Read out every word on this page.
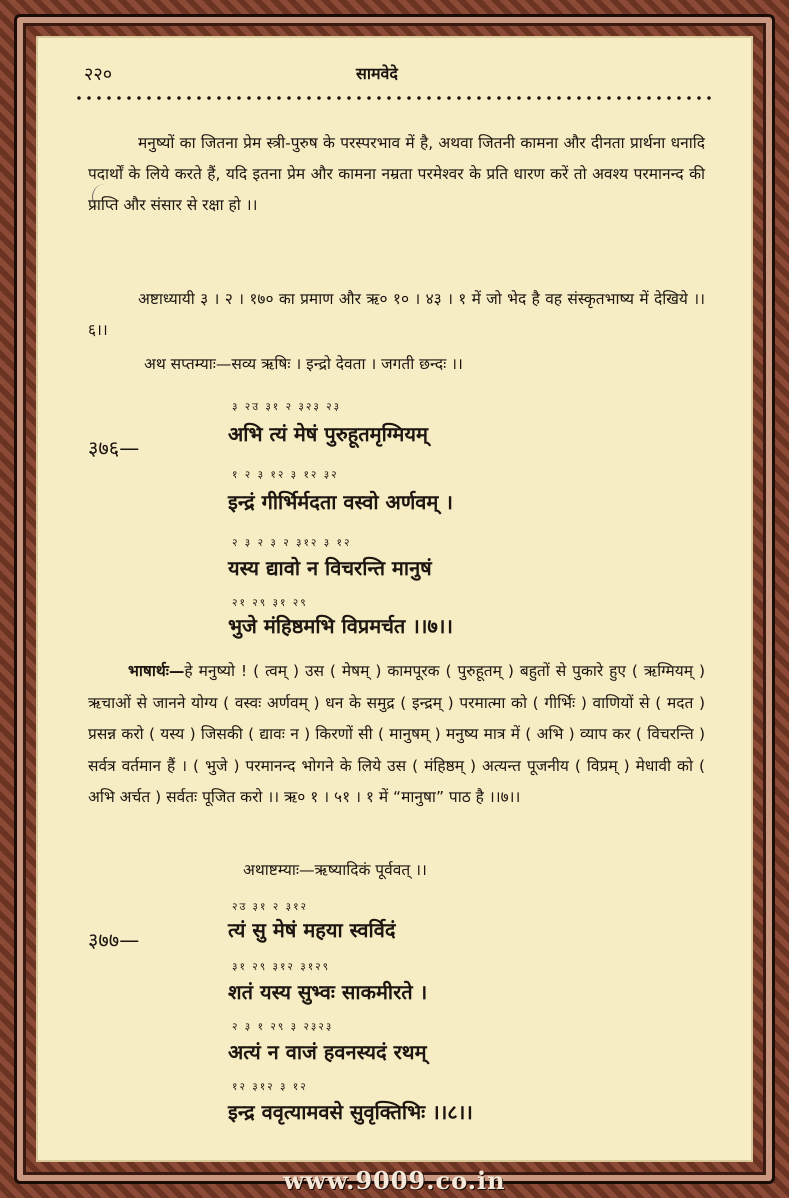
२२०	सामवेदे
मनुष्यों का जितना प्रेम स्त्री-पुरुष के परस्परभाव में है, अथवा जितनी कामना और दीनता प्रार्थना धनादि पदार्थों के लिये करते हैं, यदि इतना प्रेम और कामना नम्रता परमेश्वर के प्रति धारण करें तो अवश्य परमानन्द की प्राप्ति और संसार से रक्षा हो ।।
अष्टाध्यायी ३ । २ । १७० का प्रमाण और ऋ० १० । ४३ । १ में जो भेद है वह संस्कृतभाष्य में देखिये ।।६।।
अथ सप्तम्याः—सव्य ऋषिः । इन्द्रो देवता । जगती छन्दः ।।
३७६—
३ २उ ३१ २ ३२३ २३
अभि त्यं मेषं पुरुहूतमृग्मियम्
१ २ ३ १२ ३ १२ ३२
इन्द्रं गीर्भिर्मदता वस्वो अर्णवम् ।
२ ३ २ ३ २ ३१२ ३ १२
यस्य द्यावो न विचरन्ति मानुषं
२१ २९ ३१ २९
भुजे मंहिष्ठमभि विप्रमर्चत ।।७।।
भाषार्थः—हे मनुष्यो ! ( त्वम् ) उस ( मेषम् ) कामपूरक ( पुरुहूतम् ) बहुतों से पुकारे हुए ( ऋग्मियम् ) ऋचाओं से जानने योग्य ( वस्वः अर्णवम् ) धन के समुद्र ( इन्द्रम् ) परमात्मा को ( गीर्भिः ) वाणियों से ( मदत ) प्रसन्न करो ( यस्य ) जिसकी ( द्यावः न ) किरणों सी ( मानुषम् ) मनुष्य मात्र में ( अभि ) व्याप कर ( विचरन्ति ) सर्वत्र वर्तमान हैं । ( भुजे ) परमानन्द भोगने के लिये उस ( मंहिष्ठम् ) अत्यन्त पूजनीय ( विप्रम् ) मेधावी को ( अभि अर्चत ) सर्वतः पूजित करो ।। ऋ० १ । ५१ । १ में “मानुषा” पाठ है ।।७।।
अथाष्टम्याः—ऋष्यादिकं पूर्ववत् ।।
३७७—
२उ ३१ २ ३१२
त्यं सु मेषं महया स्वर्विदं
३१ २९ ३१२ ३१२९
शतं यस्य सुभ्वः साकमीरते ।
२ ३ १ २९ ३ २३२३
अत्यं न वाजं हवनस्यदं रथम्
१२ ३१२ ३ १२
इन्द्र ववृत्यामवसे सुवृक्तिभिः ।।८।।
www.9009.co.in
